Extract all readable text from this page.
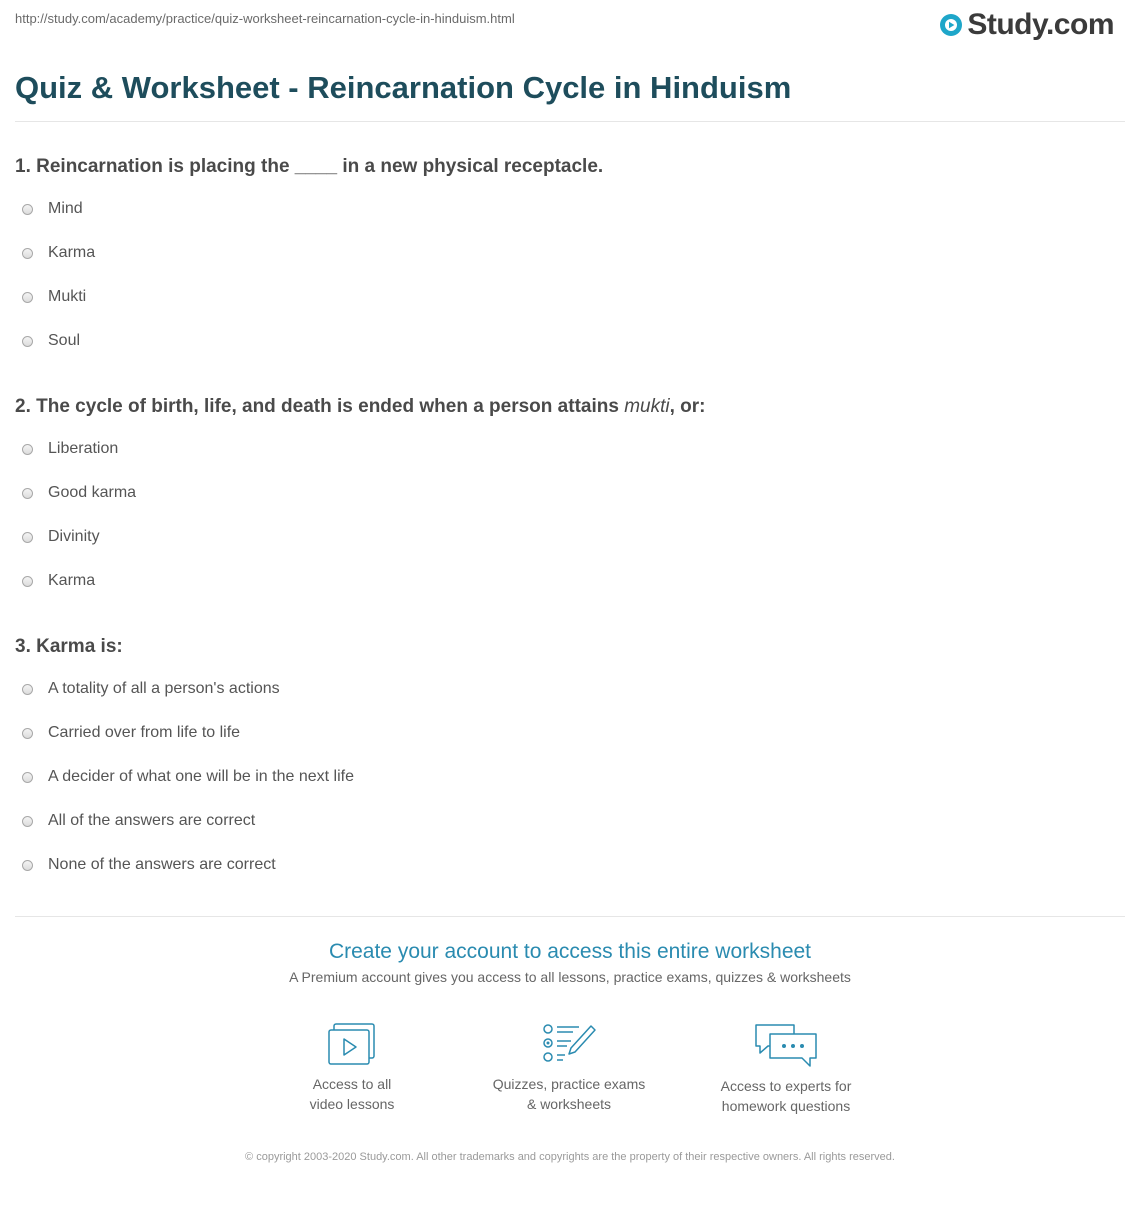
http://study.com/academy/practice/quiz-worksheet-reincarnation-cycle-in-hinduism.html	Study.com
Quiz & Worksheet - Reincarnation Cycle in Hinduism
1. Reincarnation is placing the ____ in a new physical receptacle.
Mind
Karma
Mukti
Soul
2. The cycle of birth, life, and death is ended when a person attains mukti, or:
Liberation
Good karma
Divinity
Karma
3. Karma is:
A totality of all a person's actions
Carried over from life to life
A decider of what one will be in the next life
All of the answers are correct
None of the answers are correct
Create your account to access this entire worksheet
A Premium account gives you access to all lessons, practice exams, quizzes & worksheets
Access to all
video lessons
Quizzes, practice exams
& worksheets
Access to experts for
homework questions
© copyright 2003-2020 Study.com. All other trademarks and copyrights are the property of their respective owners. All rights reserved.
